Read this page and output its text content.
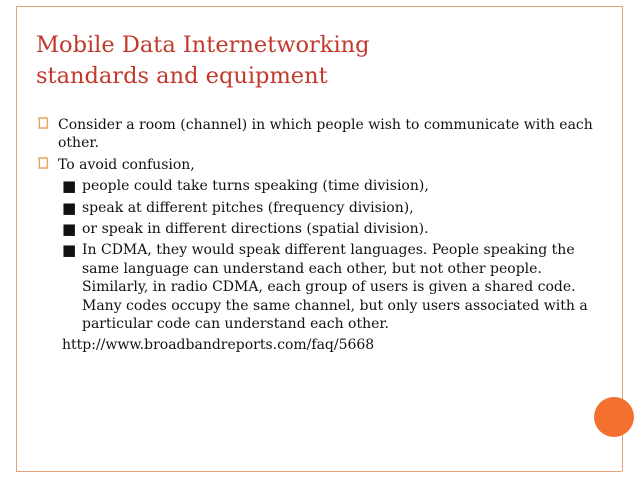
Mobile Data Internetworking
standards and equipment
Consider a room (channel) in which people wish to communicate with each other.
To avoid confusion,
■ people could take turns speaking (time division),
■ speak at different pitches (frequency division),
■ or speak in different directions (spatial division).
■ In CDMA, they would speak different languages. People speaking the same language can understand each other, but not other people. Similarly, in radio CDMA, each group of users is given a shared code. Many codes occupy the same channel, but only users associated with a particular code can understand each other.
http://www.broadbandreports.com/faq/5668
